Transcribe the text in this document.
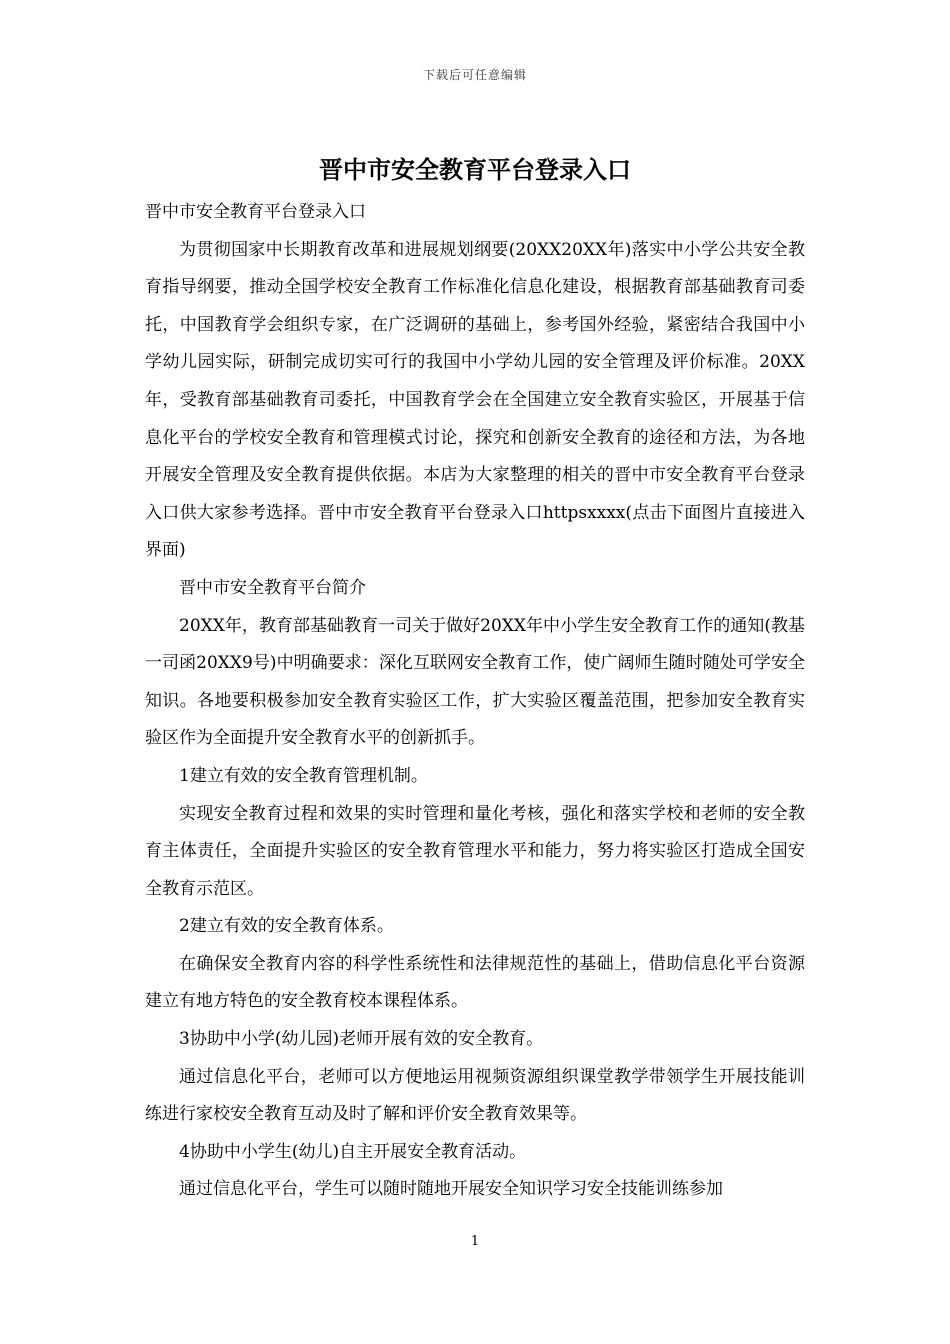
下载后可任意编辑
晋中市安全教育平台登录入口

晋中市安全教育平台登录入口

为贯彻国家中长期教育改革和进展规划纲要(20XX20XX年)落实中小学公共安全教育指导纲要，推动全国学校安全教育工作标准化信息化建设，根据教育部基础教育司委托，中国教育学会组织专家，在广泛调研的基础上，参考国外经验，紧密结合我国中小学幼儿园实际，研制完成切实可行的我国中小学幼儿园的安全管理及评价标准。20XX年，受教育部基础教育司委托，中国教育学会在全国建立安全教育实验区，开展基于信息化平台的学校安全教育和管理模式讨论，探究和创新安全教育的途径和方法，为各地开展安全管理及安全教育提供依据。本店为大家整理的相关的晋中市安全教育平台登录入口供大家参考选择。晋中市安全教育平台登录入口httpsxxxx(点击下面图片直接进入界面)

晋中市安全教育平台简介

20XX年，教育部基础教育一司关于做好20XX年中小学生安全教育工作的通知(教基一司函20XX9号)中明确要求：深化互联网安全教育工作，使广阔师生随时随处可学安全知识。各地要积极参加安全教育实验区工作，扩大实验区覆盖范围，把参加安全教育实验区作为全面提升安全教育水平的创新抓手。

1建立有效的安全教育管理机制。

实现安全教育过程和效果的实时管理和量化考核，强化和落实学校和老师的安全教育主体责任，全面提升实验区的安全教育管理水平和能力，努力将实验区打造成全国安全教育示范区。

2建立有效的安全教育体系。

在确保安全教育内容的科学性系统性和法律规范性的基础上，借助信息化平台资源建立有地方特色的安全教育校本课程体系。

3协助中小学(幼儿园)老师开展有效的安全教育。

通过信息化平台，老师可以方便地运用视频资源组织课堂教学带领学生开展技能训练进行家校安全教育互动及时了解和评价安全教育效果等。

4协助中小学生(幼儿)自主开展安全教育活动。

通过信息化平台，学生可以随时随地开展安全知识学习安全技能训练参加

1
